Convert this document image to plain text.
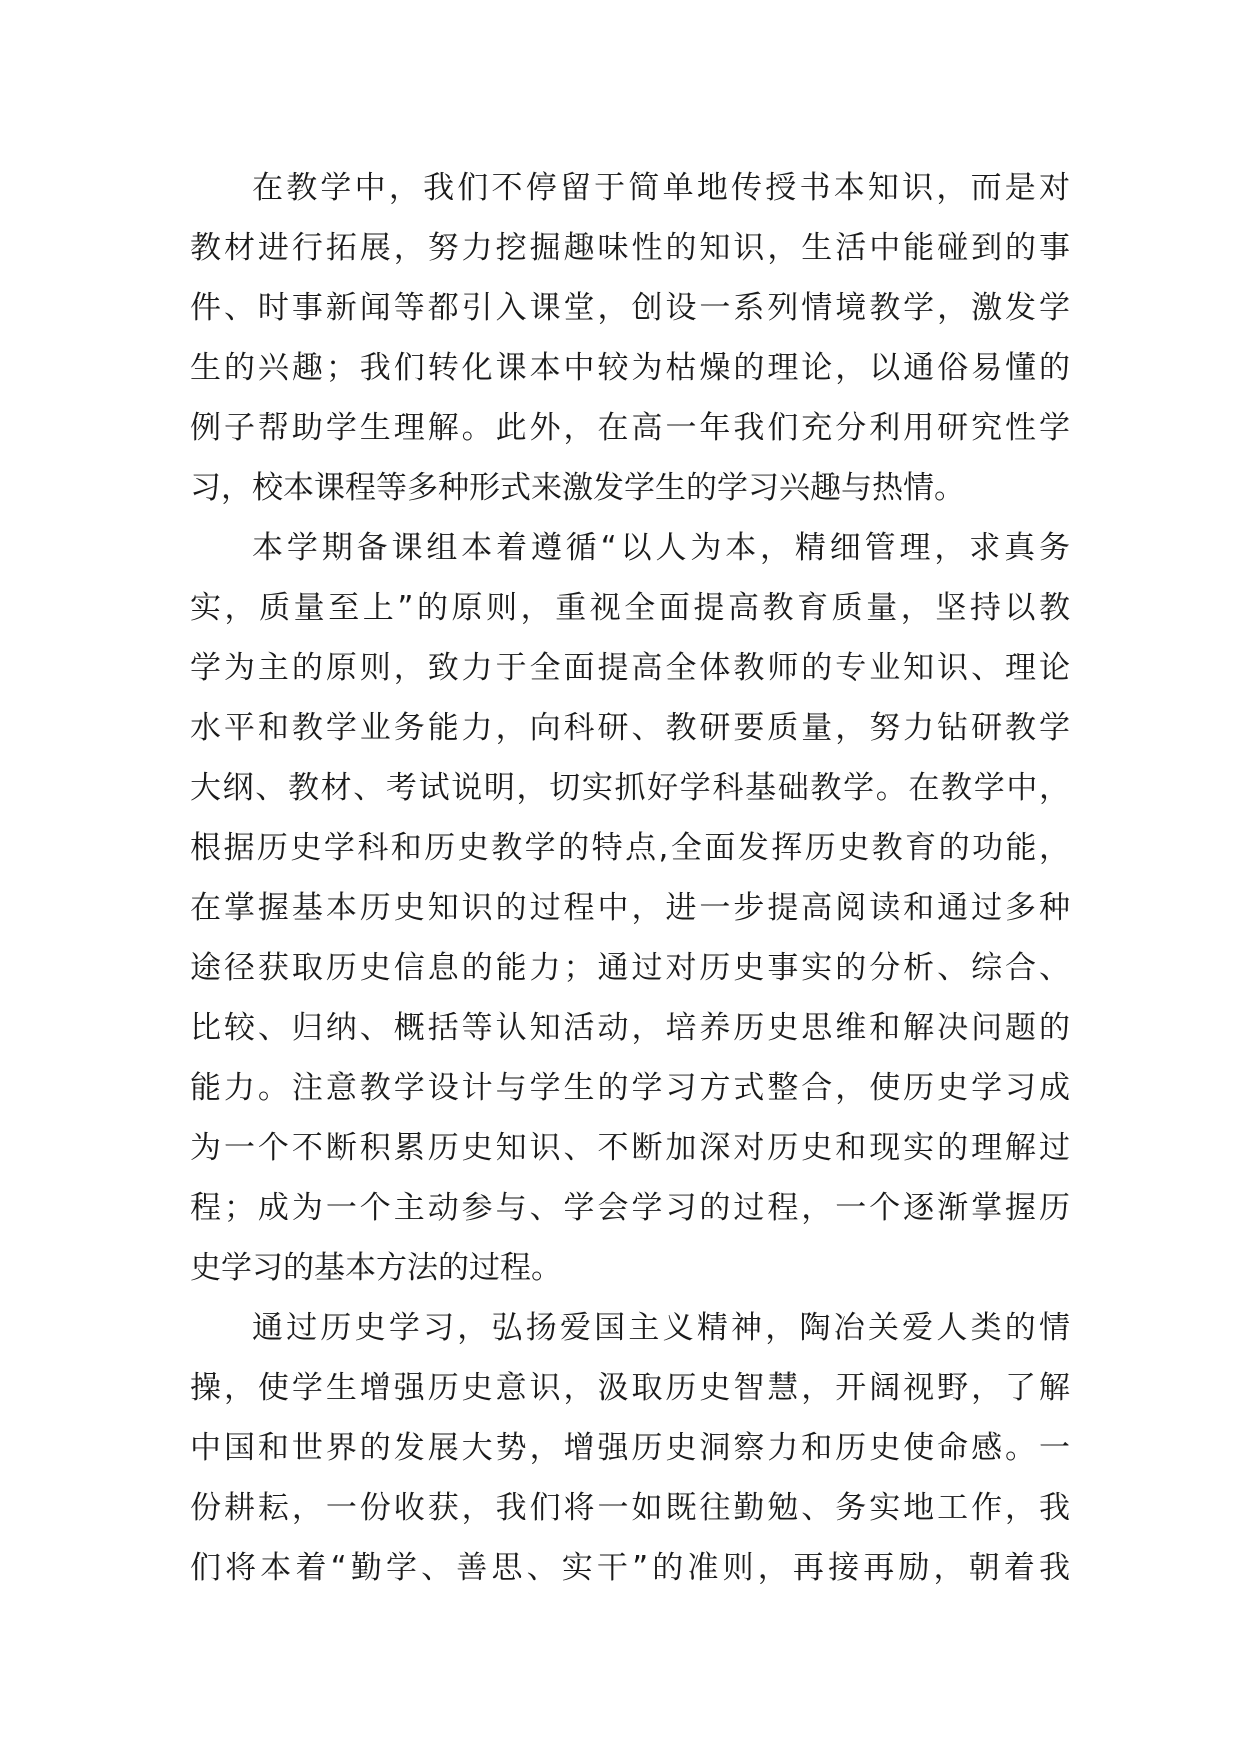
在教学中，我们不停留于简单地传授书本知识，而是对
教材进行拓展，努力挖掘趣味性的知识，生活中能碰到的事
件、时事新闻等都引入课堂，创设一系列情境教学，激发学
生的兴趣；我们转化课本中较为枯燥的理论，以通俗易懂的
例子帮助学生理解。此外，在高一年我们充分利用研究性学
习，校本课程等多种形式来激发学生的学习兴趣与热情。
本学期备课组本着遵循“以人为本，精细管理，求真务
实，质量至上”的原则，重视全面提高教育质量，坚持以教
学为主的原则，致力于全面提高全体教师的专业知识、理论
水平和教学业务能力，向科研、教研要质量，努力钻研教学
大纲、教材、考试说明，切实抓好学科基础教学。在教学中，
根据历史学科和历史教学的特点,全面发挥历史教育的功能，
在掌握基本历史知识的过程中，进一步提高阅读和通过多种
途径获取历史信息的能力；通过对历史事实的分析、综合、
比较、归纳、概括等认知活动，培养历史思维和解决问题的
能力。注意教学设计与学生的学习方式整合，使历史学习成
为一个不断积累历史知识、不断加深对历史和现实的理解过
程；成为一个主动参与、学会学习的过程，一个逐渐掌握历
史学习的基本方法的过程。
通过历史学习，弘扬爱国主义精神，陶冶关爱人类的情
操，使学生增强历史意识，汲取历史智慧，开阔视野，了解
中国和世界的发展大势，增强历史洞察力和历史使命感。一
份耕耘，一份收获，我们将一如既往勤勉、务实地工作，我
们将本着“勤学、善思、实干”的准则，再接再励，朝着我
